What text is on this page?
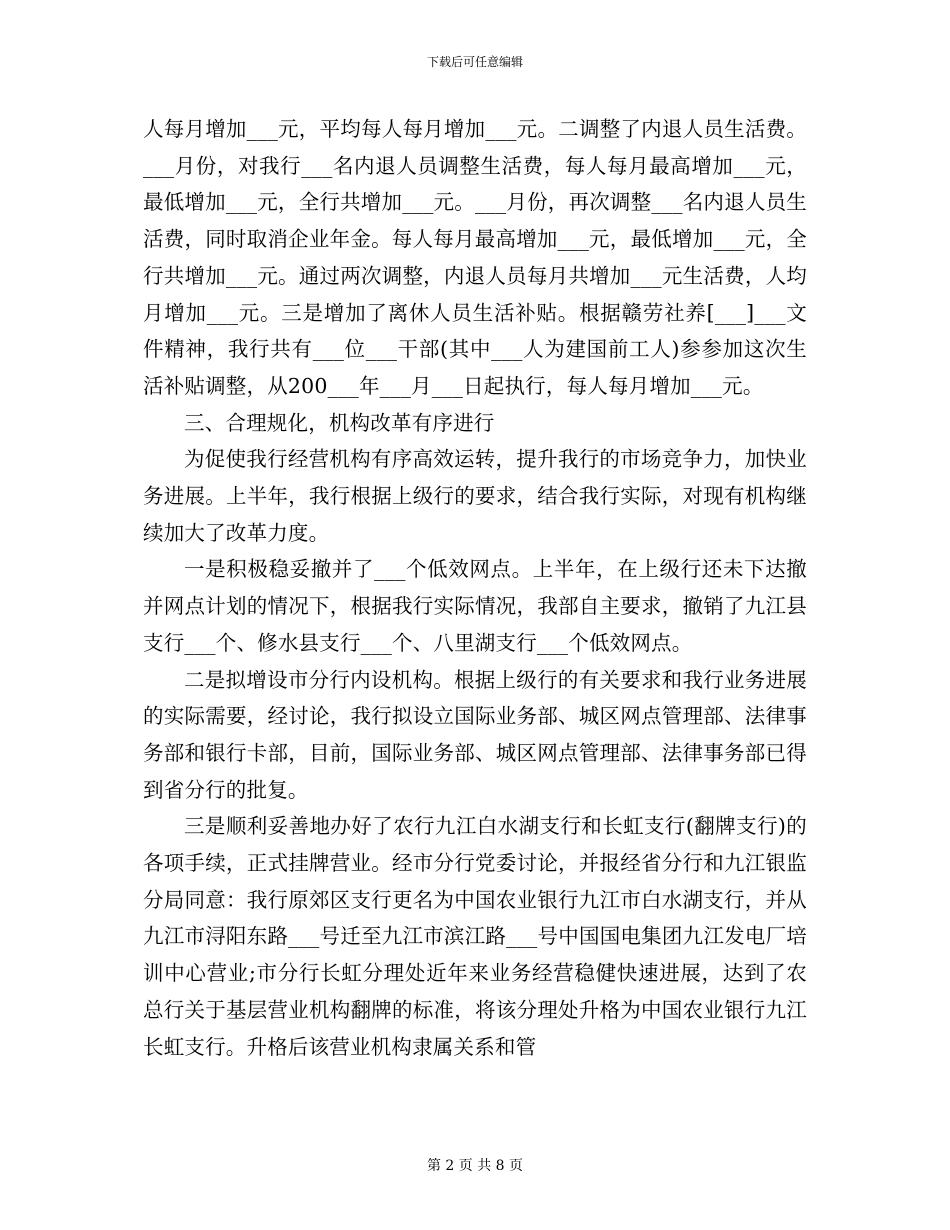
下载后可任意编辑

人每月增加___元，平均每人每月增加___元。二调整了内退人员生活费。___月份，对我行___名内退人员调整生活费，每人每月最高增加___元，最低增加___元，全行共增加___元。___月份，再次调整___名内退人员生活费，同时取消企业年金。每人每月最高增加___元，最低增加___元，全行共增加___元。通过两次调整，内退人员每月共增加___元生活费，人均月增加___元。三是增加了离休人员生活补贴。根据赣劳社养[___]___文件精神，我行共有___位___干部(其中___人为建国前工人)参参加这次生活补贴调整，从200___年___月___日起执行，每人每月增加___元。

三、合理规化，机构改革有序进行

为促使我行经营机构有序高效运转，提升我行的市场竞争力，加快业务进展。上半年，我行根据上级行的要求，结合我行实际，对现有机构继续加大了改革力度。

一是积极稳妥撤并了___个低效网点。上半年，在上级行还未下达撤并网点计划的情况下，根据我行实际情况，我部自主要求，撤销了九江县支行___个、修水县支行___个、八里湖支行___个低效网点。

二是拟增设市分行内设机构。根据上级行的有关要求和我行业务进展的实际需要，经讨论，我行拟设立国际业务部、城区网点管理部、法律事务部和银行卡部，目前，国际业务部、城区网点管理部、法律事务部已得到省分行的批复。

三是顺利妥善地办好了农行九江白水湖支行和长虹支行(翻牌支行)的各项手续，正式挂牌营业。经市分行党委讨论，并报经省分行和九江银监分局同意：我行原郊区支行更名为中国农业银行九江市白水湖支行，并从九江市浔阳东路___号迁至九江市滨江路___号中国国电集团九江发电厂培训中心营业;市分行长虹分理处近年来业务经营稳健快速进展，达到了农总行关于基层营业机构翻牌的标准，将该分理处升格为中国农业银行九江长虹支行。升格后该营业机构隶属关系和管

第 2 页 共 8 页
